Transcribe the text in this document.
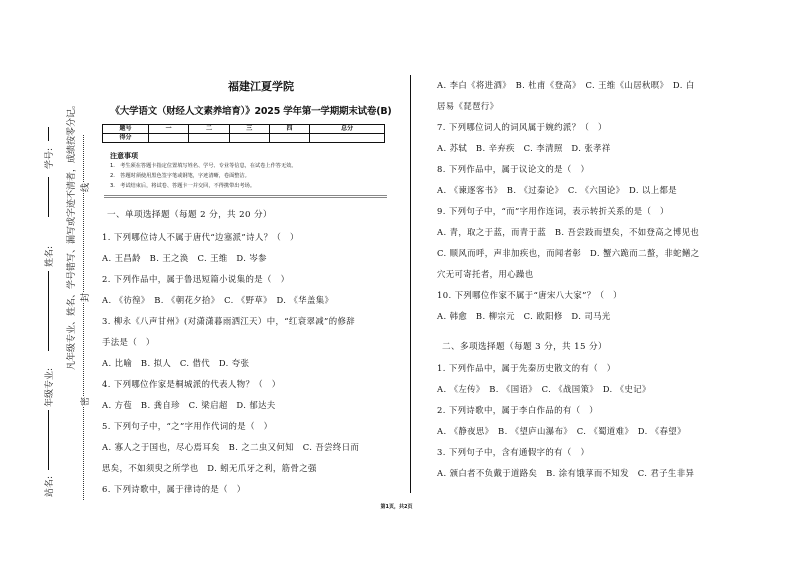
学号:
姓名:
年级专业:
站名:
凡年级专业、姓名、学号错写、漏写或字迹不清者，成绩按零分记。 线
封
密
福建江夏学院
《大学语文（财经人文素养培育）》2025 学年第一学期期末试卷(B)
题号	一	二	三	四	总分
得分					
注意事项
1.　考生须在答题卡指定位置填写姓名、学号、专业等信息，在试卷上作答无效。
2.　答题时须使用黑色签字笔或钢笔，字迹清晰，卷面整洁。
3.　考试结束后，将试卷、答题卡一并交回，不得携带出考场。
一、单项选择题（每题 2 分，共 20 分）
1. 下列哪位诗人不属于唐代“边塞派”诗人？（　）
A. 王昌龄　B. 王之涣　C. 王维　D. 岑参
2. 下列作品中，属于鲁迅短篇小说集的是（　）
A. 《彷徨》　B. 《朝花夕拾》　C. 《野草》　D. 《华盖集》
3. 柳永《八声甘州》(对潇潇暮雨洒江天）中，“红衰翠减”的修辞
手法是（　）
A. 比喻　B. 拟人　C. 借代　D. 夸张
4. 下列哪位作家是桐城派的代表人物？（　）
A. 方苞　B. 龚自珍　C. 梁启超　D. 郁达夫
5. 下列句子中，“之”字用作代词的是（　）
A. 寡人之于国也，尽心焉耳矣　B. 之二虫又何知　C. 吾尝终日而
思矣，不如须臾之所学也　D. 蚓无爪牙之利，筋骨之强
6. 下列诗歌中，属于律诗的是（　）
A. 李白《将进酒》　B. 杜甫《登高》　C. 王维《山居秋暝》　D. 白
居易《琵琶行》
7. 下列哪位词人的词风属于婉约派？（　）
A. 苏轼　B. 辛弃疾　C. 李清照　D. 张孝祥
8. 下列作品中，属于议论文的是（　）
A. 《谏逐客书》　B. 《过秦论》　C. 《六国论》　D. 以上都是
9. 下列句子中，“而”字用作连词，表示转折关系的是（　）
A. 青，取之于蓝，而青于蓝　B. 吾尝跂而望矣，不如登高之博见也
C. 顺风而呼，声非加疾也，而闻者彰　D. 蟹六跪而二螯，非蛇鳝之
穴无可寄托者，用心躁也
10. 下列哪位作家不属于“唐宋八大家”？（　）
A. 韩愈　B. 柳宗元　C. 欧阳修　D. 司马光
二、多项选择题（每题 3 分，共 15 分）
1. 下列作品中，属于先秦历史散文的有（　）
A. 《左传》　B. 《国语》　C. 《战国策》　D. 《史记》
2. 下列诗歌中，属于李白作品的有（　）
A. 《静夜思》　B. 《望庐山瀑布》　C. 《蜀道难》　D. 《春望》
3. 下列句子中，含有通假字的有（　）
A. 颁白者不负戴于道路矣　B. 涂有饿莩而不知发　C. 君子生非异
第1页，共2页
